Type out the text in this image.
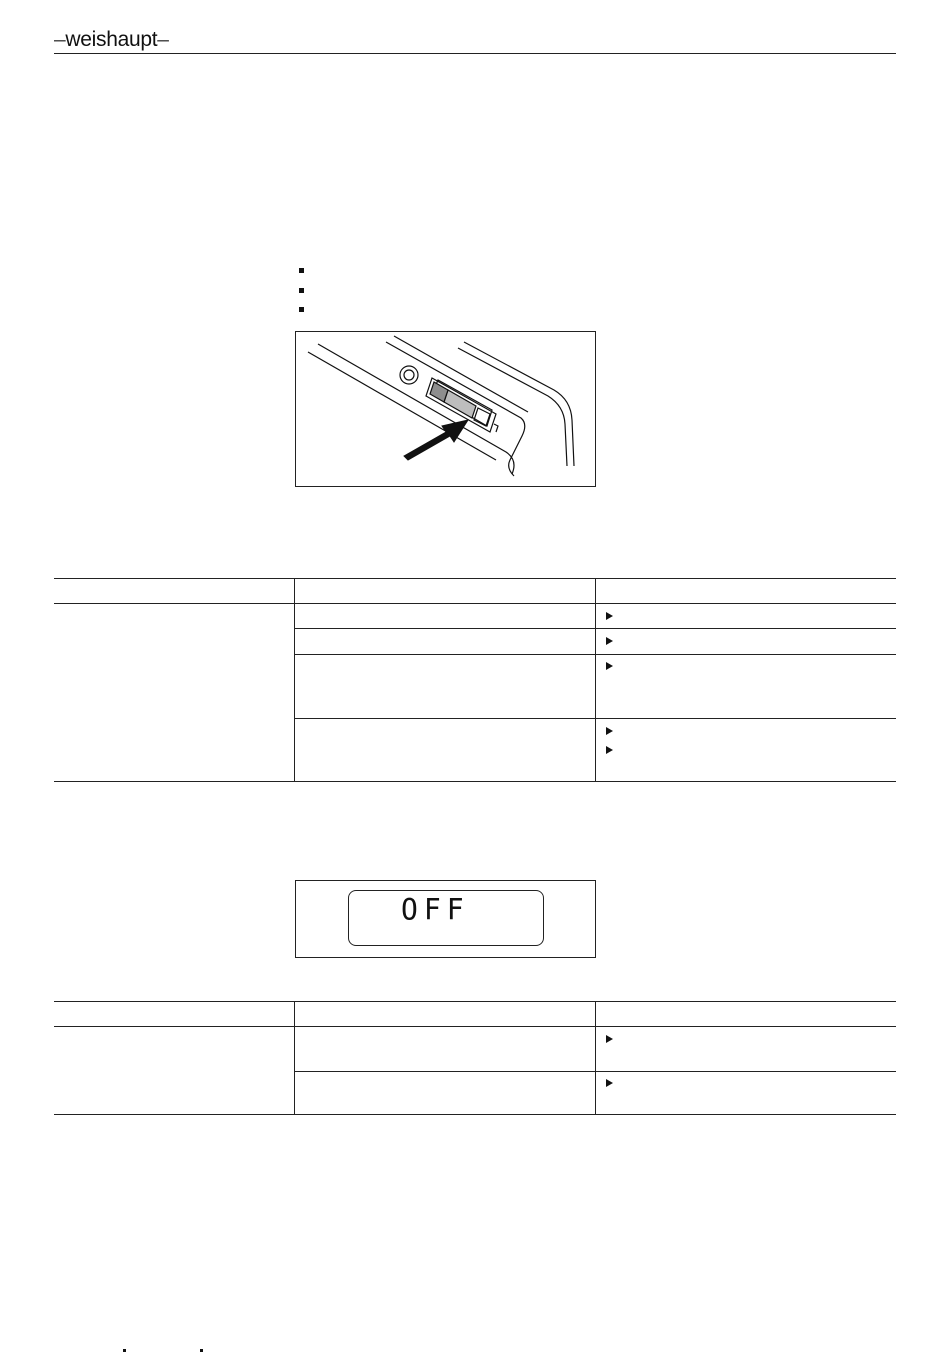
–weishaupt–
OFF
